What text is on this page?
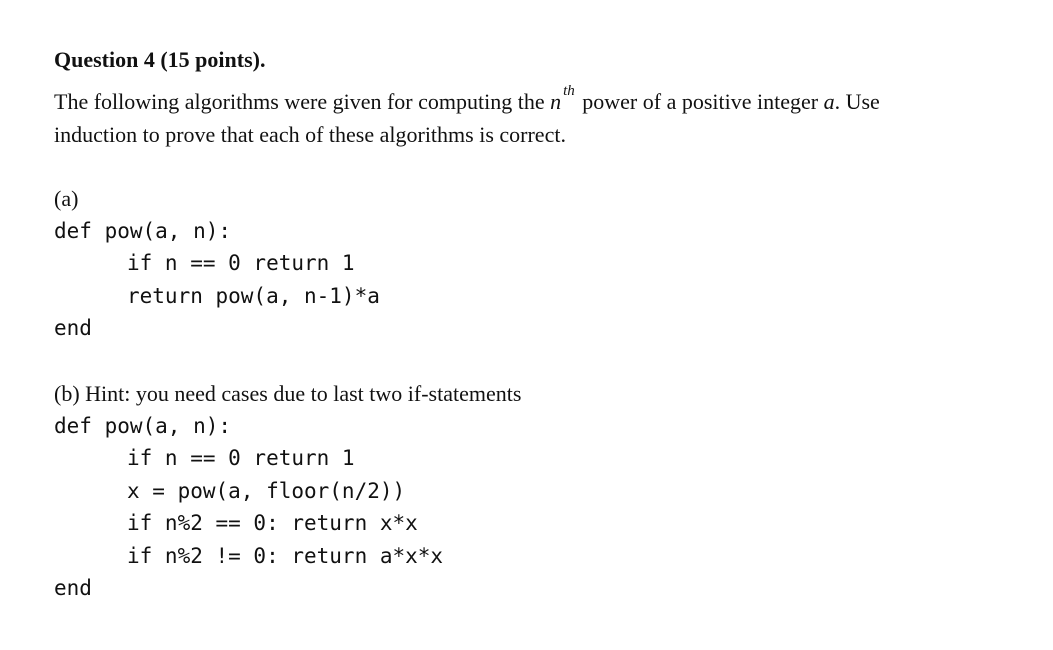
Question 4 (15 points).
The following algorithms were given for computing the n $^{th}$ power of a positive integer a. Use
induction to prove that each of these algorithms is correct.
(a)
def pow(a, n):
if n == 0 return 1
return pow(a, n-1)*a
end
(b) Hint: you need cases due to last two if-statements
def pow(a, n):
if n == 0 return 1
x = pow(a, floor(n/2))
if n%2 == 0: return x*x
if n%2 != 0: return a*x*x
end
